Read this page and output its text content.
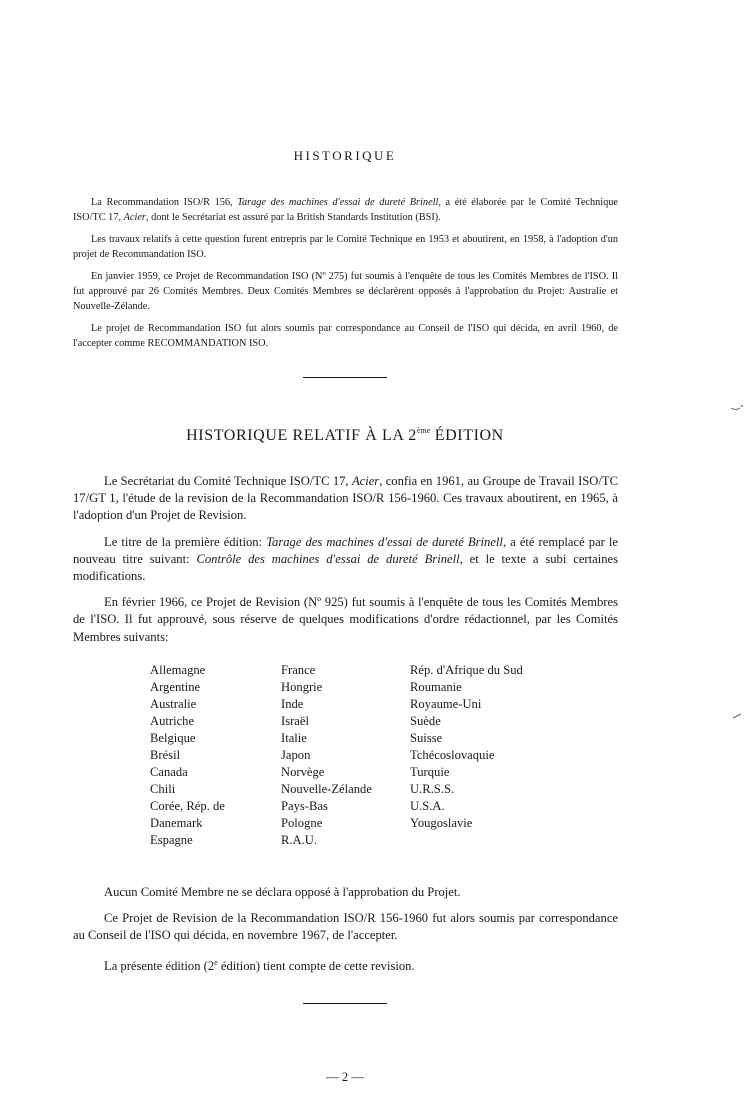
HISTORIQUE

La Recommandation ISO/R 156, Tarage des machines d'essai de dureté Brinell, a été élaborée par le Comité Technique ISO/TC 17, Acier, dont le Secrétariat est assuré par la British Standards Institution (BSI).

Les travaux relatifs à cette question furent entrepris par le Comité Technique en 1953 et aboutirent, en 1958, à l'adoption d'un projet de Recommandation ISO.

En janvier 1959, ce Projet de Recommandation ISO (Nº 275) fut soumis à l'enquête de tous les Comités Membres de l'ISO. Il fut approuvé par 26 Comités Membres. Deux Comités Membres se déclarèrent opposés à l'approbation du Projet: Australie et Nouvelle-Zélande.

Le projet de Recommandation ISO fut alors soumis par correspondance au Conseil de l'ISO qui décida, en avril 1960, de l'accepter comme RECOMMANDATION ISO.

HISTORIQUE RELATIF À LA 2ème ÉDITION

Le Secrétariat du Comité Technique ISO/TC 17, Acier, confia en 1961, au Groupe de Travail ISO/TC 17/GT 1, l'étude de la revision de la Recommandation ISO/R 156-1960. Ces travaux aboutirent, en 1965, à l'adoption d'un Projet de Revision.

Le titre de la première édition: Tarage des machines d'essai de dureté Brinell, a été remplacé par le nouveau titre suivant: Contrôle des machines d'essai de dureté Brinell, et le texte a subi certaines modifications.

En février 1966, ce Projet de Revision (Nº 925) fut soumis à l'enquête de tous les Comités Membres de l'ISO. Il fut approuvé, sous réserve de quelques modifications d'ordre rédactionnel, par les Comités Membres suivants:

Allemagne
Argentine
Australie
Autriche
Belgique
Brésil
Canada
Chili
Corée, Rép. de
Danemark
Espagne
France
Hongrie
Inde
Israël
Italie
Japon
Norvège
Nouvelle-Zélande
Pays-Bas
Pologne
R.A.U.
Rép. d'Afrique du Sud
Roumanie
Royaume-Uni
Suède
Suisse
Tchécoslovaquie
Turquie
U.R.S.S.
U.S.A.
Yougoslavie

Aucun Comité Membre ne se déclara opposé à l'approbation du Projet.

Ce Projet de Revision de la Recommandation ISO/R 156-1960 fut alors soumis par correspondance au Conseil de l'ISO qui décida, en novembre 1967, de l'accepter.

La présente édition (2e édition) tient compte de cette revision.

— 2 —
